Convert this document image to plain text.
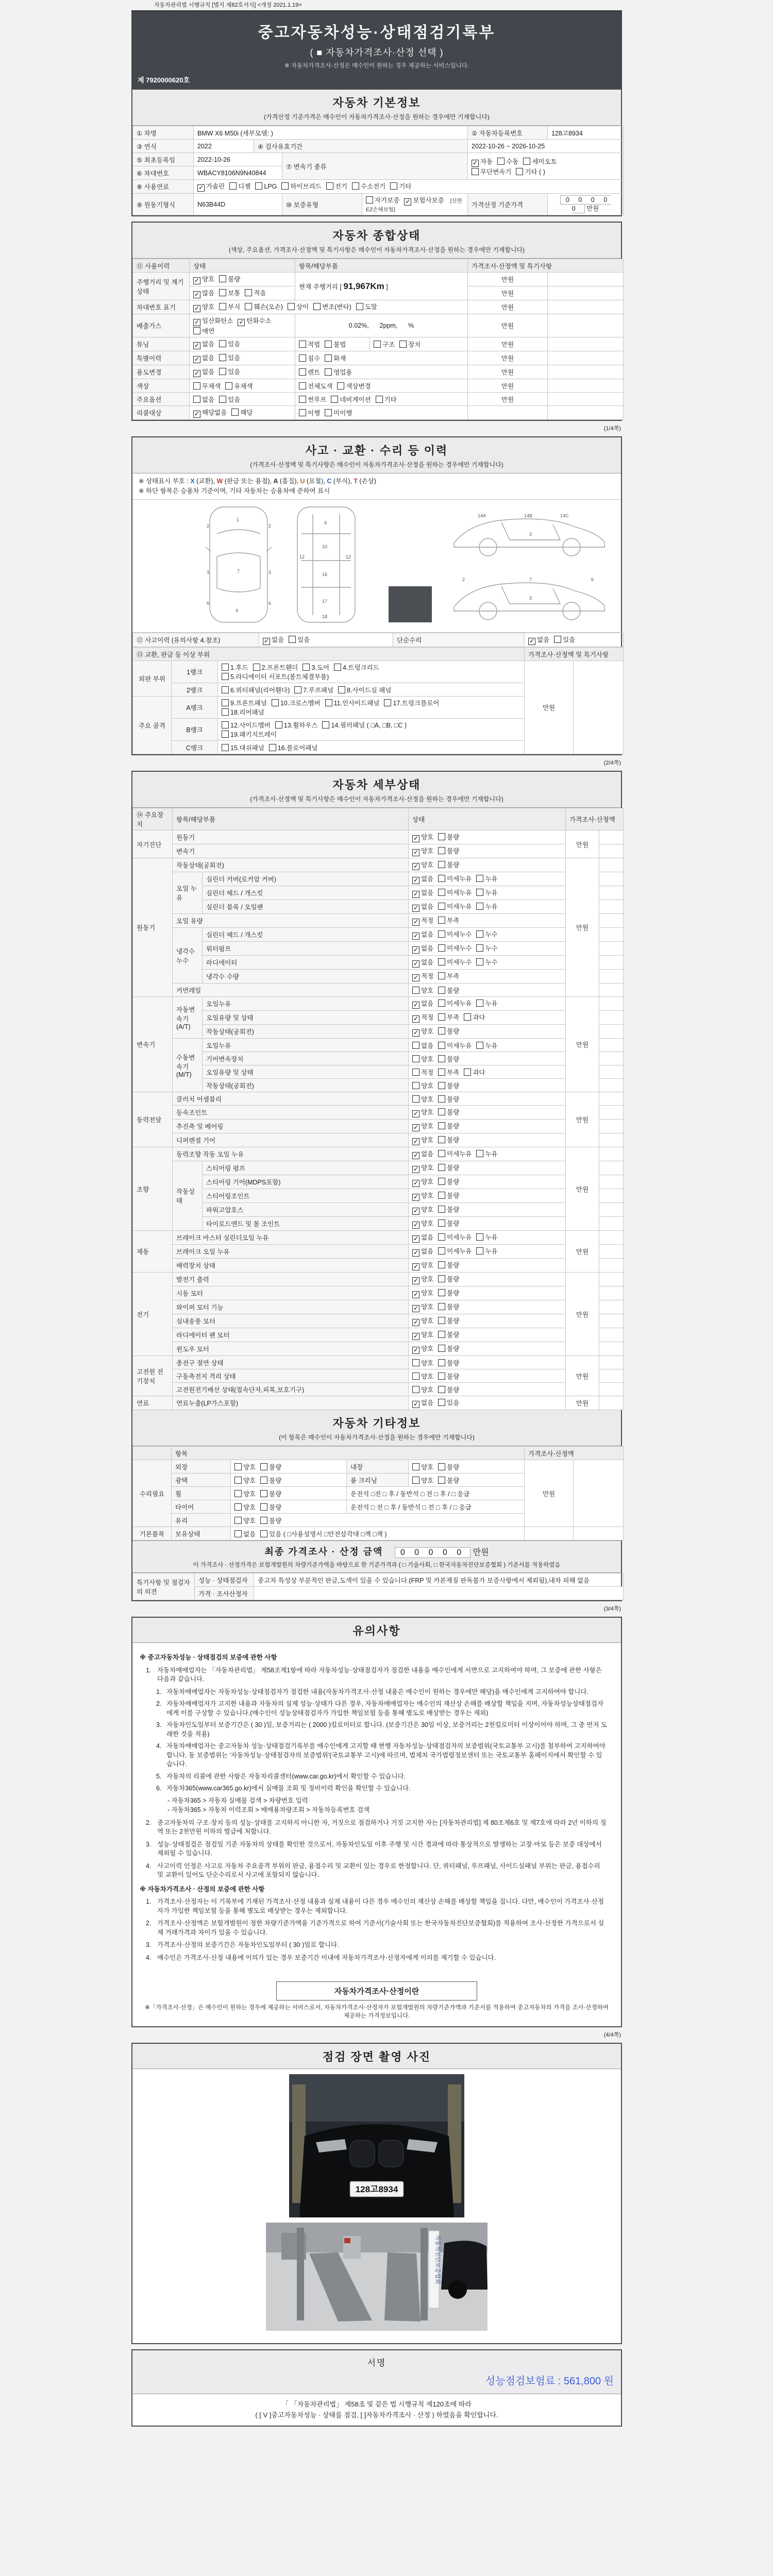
자동차관리법 시행규칙 [별지 제82호서식] <개정 2021.1.19>
중고자동차성능·상태점검기록부
( ■ 자동차가격조사·산정 선택 )
※ 자동차가격조사·산정은 매수인이 원하는 경우 제공하는 서비스입니다.
제 7920000620호
자동차 기본정보
(가격산정 기준가격은 매수인이 자동차가격조사·산정을 원하는 경우에만 기재합니다)
① 차명	BMW X6 M50i (세부모델: )				② 자동차등록번호	128고8934
③ 연식	2022	④ 검사유효기간			2022-10-26 ~ 2026-10-25	
⑤ 최초등록일	2022-10-26		⑦ 변속기 종류		✓ 자동 수동 세미오토
무단변속기 기타 ( )	
⑥ 차대번호	WBACY8106N9N40844					
⑧ 사용연료	✓ 가솔린 디젤 LPG 하이브리드 전기 수소전기 기타					
⑨ 원동기형식	N63B44D		⑩ 보증유형	자가보증 ✓ 보험사보증 [신한EZ손해보험]	가격산정 기준가격	0 0 0 0 0 만원
자동차 종합상태
(색상, 주요옵션, 가격조사·산정액 및 특기사항은 매수인이 자동차가격조사·산정을 원하는 경우에만 기재합니다)
⑪ 사용이력	상태	항목/해당부품		가격조사·산정액 및 특기사항	
주행거리 및 계기상태	✓ 양호 불량	현재 주행거리 [ 91,967Km ]		만원	
	✓ 많음 보통 적음			만원	
차대번호 표기	✓ 양호 부식 훼손(오손) 상이 변조(변타) 도말			만원	
배출가스	✓ 일산화탄소 ✓ 탄화수소매연	0.02%,      2ppm,      %		만원	
튜닝	✓ 없음 있음	적법 불법	구조 장치	만원	
특별이력	✓ 없음 있음	침수 화재		만원	
용도변경	✓ 없음 있음	렌트 영업용		만원	
색상	무채색 유채색	전체도색 색상변경		만원	
주요옵션	없음 있음	썬루프 네비게이션 기타		만원	
리콜대상	✓ 해당없음 해당	이행 미이행			
(1/4쪽)
사고 · 교환 · 수리 등 이력
(가격조사·산정액 및 특기사항은 매수인이 자동차가격조사·산정을 원하는 경우에만 기재합니다)
※ 상태표시 부호 : X (교환), W (판금 또는 용접), A (흠집), U (요철), C (부식), T (손상)
※ 하단 항목은 승용차 기준이며, 기타 자동차는 승용차에 준하여 표시
1
7
4
2	2
3	3
6	6
9
10
16
17
18
12	12
14A	14B	14C
3
2	7	6
3
⑫ 사고이력 (유의사항 4.참조)	✓ 없음 있음	단순수리	✓ 없음 있음
⑬ 교환, 판금 등 이상 부위			가격조사·산정액 및 특기사항	
외판 부위	1랭크	1.후드 2.프론트휀더 3.도어 4.트렁크리드
5.라디에이터 서포트(볼트체결부품)	만원	
	2랭크	6.쿼터패널(리어휀다) 7.루프패널 8.사이드실 패널		
주요 골격	A랭크	9.프론트패널 10.크로스멤버 11.인사이드패널 17.트렁크플로어
18.리어패널		
	B랭크	12.사이드멤버 13.휠하우스 14.필러패널 ( □A, □B, □C )
19.패키지트레이		
	C랭크	15.대쉬패널 16.플로어패널		
(2/4쪽)
자동차 세부상태
(가격조사·산정액 및 특기사항은 매수인이 자동차가격조사·산정을 원하는 경우에만 기재합니다)
⑭ 주요장치	항목/해당부품		상태	가격조사·산정액	
자기진단	원동기		✓ 양호 불량	만원	
	변속기		✓ 양호 불량		
원동기	작동상태(공회전)		✓ 양호 불량	만원	
	오일 누유	실린더 커버(로커암 커버)	✓ 없음 미세누유 누유		
		실린더 헤드 / 개스킷	✓ 없음 미세누유 누유		
		실린더 블록 / 오일팬	✓ 없음 미세누유 누유		
	오일 유량		✓ 적정 부족		
	냉각수 누수	실린더 헤드 / 개스킷	✓ 없음 미세누수 누수		
		워터펌프	✓ 없음 미세누수 누수		
		라디에이터	✓ 없음 미세누수 누수		
		냉각수 수량	✓ 적정 부족		
	커먼레일		양호 불량		
변속기	자동변속기 (A/T)	오일누유	✓ 없음 미세누유 누유	만원	
		오일유량 및 상태	✓ 적정 부족 과다		
		작동상태(공회전)	✓ 양호 불량		
	수동변속기 (M/T)	오일누유	없음 미세누유 누유		
		기어변속장치	양호 불량		
		오일유량 및 상태	적정 부족 과다		
		작동상태(공회전)	양호 불량		
동력전달	클러치 어셈블리		양호 불량	만원	
	등속조인트		✓ 양호 불량		
	추진축 및 베어링		✓ 양호 불량		
	디퍼렌셜 기어		✓ 양호 불량		
조향	동력조향 작동 오일 누유		✓ 없음 미세누유 누유	만원	
	작동상태	스티어링 펌프	✓ 양호 불량		
		스티어링 기어(MDPS포함)	✓ 양호 불량		
		스티어링조인트	✓ 양호 불량		
		파워고압호스	✓ 양호 불량		
		타이로드엔드 및 볼 조인트	✓ 양호 불량		
제동	브레이크 마스터 실린더오일 누유		✓ 없음 미세누유 누유	만원	
	브레이크 오일 누유		✓ 없음 미세누유 누유		
	배력장치 상태		✓ 양호 불량		
전기	발전기 출력		✓ 양호 불량	만원	
	시동 모터		✓ 양호 불량		
	와이퍼 모터 기능		✓ 양호 불량		
	실내송풍 모터		✓ 양호 불량		
	라디에이터 팬 모터		✓ 양호 불량		
	윈도우 모터		✓ 양호 불량		
고전원 전기장치	충전구 절연 상태		양호 불량	만원	
	구동축전지 격리 상태		양호 불량		
	고전원전기배선 상태(접속단자,피복,보호기구)		양호 불량		
연료	연료누출(LP가스포함)		✓ 없음 있음	만원	
자동차 기타정보
(이 항목은 매수인이 자동차가격조사·산정을 원하는 경우에만 기재합니다)
	항목				가격조사·산정액	
수리필요	외장	양호 불량	내장	양호 불량	만원	
	광택	양호 불량	룸 크리닝	양호 불량		
	휠	양호 불량	운전석 □전 □ 후 / 동반석 □ 전 □ 후 / □ 응급			
	타이어	양호 불량	운전석 □ 전 □ 후 / 동반석 □ 전 □ 후 / □ 응급			
	유리	양호 불량				
기본품목	보유상태	없음 있음 ( □사용설명서 □안전삼각대 □잭 □잭 )				
최종 가격조사 · 산정 금액 0 0 0 0 0 만원
이 가격조사 · 산정가격은 보험개발원의 차량기준가액을 바탕으로 한 기준가격과 ( □ 기술사회, □ 한국자동차진단보증협회 ) 기준서를 적용하였음
특기사항 및 점검자의 의견	성능 · 상태점검자	중고차 특성상 부분적인 판금,도색이 있을 수 있습니다.(FRP 및 카본재질 판독불가 보증사항에서 제외됨),내차 피해 없음
	가격 · 조사산정자	
(3/4쪽)
유의사항
※ 중고자동차성능 · 상태점검의 보증에 관한 사항
1. 자동차매매업자는 「자동차관리법」 제58조제1항에 따라 자동차성능·상태점검자가 점검한 내용을 매수인에게 서면으로 고지하여야 하며, 그 보증에 관한 사항은 다음과 같습니다.
1. 자동차매매업자는 자동차성능·상태점검자가 점검한 내용(자동차가격조사·산정 내용은 매수인이 원하는 경우에만 해당)을 매수인에게 고지하여야 합니다.
2. 자동차매매업자가 고지한 내용과 자동차의 실제 성능·상태가 다른 경우, 자동차매매업자는 매수인의 재산상 손해를 배상할 책임을 지며, 자동차성능상태점검자에게 이를 구상할 수 있습니다.(매수인이 성능상태점검자가 가입한 책임보험 등을 통해 별도로 배상받는 경우는 제외)
3. 자동차인도일부터 보증기간은 ( 30 )일, 보증거리는 ( 2000 )킬로미터로 합니다. (보증기간은 30일 이상, 보증거리는 2천킬로미터 이상이어야 하며, 그 중 먼저 도래한 것을 적용)
4. 자동차매매업자는 중고자동차 성능·상태점검기록부를 매수인에게 고지할 때 현행 자동차성능·상태점검자의 보증범위(국토교통부 고시)를 첨부하여 고지하여야 합니다. 동 보증범위는 '자동차성능·상태점검자의 보증범위'(국토교통부 고시)에 따르며, 법제처 국가법령정보센터 또는 국토교통부 홈페이지에서 확인할 수 있습니다.
5. 자동차의 리콜에 관한 사항은 자동차리콜센터(www.car.go.kr)에서 확인할 수 있습니다.
6. 자동차365(www.car365.go.kr)에서 실매물 조회 및 정비이력 확인을 확인할 수 있습니다.
- 자동차365 > 자동차 실매물 검색 > 차량번호 입력
- 자동차365 > 자동차 이력조회 > 매매용차량조회 > 자동차등록번호 검색
2. 중고자동차의 구조·장치 등의 성능·상태를 고지하지 아니한 자, 거짓으로 점검하거나 거짓 고지한 자는 [자동차관리법] 제 80조제6호 및 제7호에 따라 2년 이하의 징역 또는 2천만원 이하의 벌금에 처합니다.
3. 성능·상태점검은 점검일 기준 자동차의 상태를 확인한 것으로서, 자동차인도일 이후 주행 및 시간 경과에 따라 통상적으로 발생하는 고장·마모 등은 보증 대상에서 제외될 수 있습니다.
4. 사고이력 인정은 사고로 자동차 주요골격 부위의 판금, 용접수리 및 교환이 있는 경우로 한정합니다. 단, 쿼터패널, 루프패널, 사이드실패널 부위는 판금, 용접수리 및 교환이 있어도 단순수리로서 사고에 포함되지 않습니다.
※ 자동차가격조사 · 산정의 보증에 관한 사항
1. 가격조사·산정자는 이 기록부에 기재된 가격조사·산정 내용과 실제 내용이 다른 경우 매수인의 재산상 손해를 배상할 책임을 집니다. 다만, 매수인이 가격조사·산정자가 가입한 책임보험 등을 통해 별도로 배상받는 경우는 제외합니다.
2. 가격조사·산정액은 보험개발원이 정한 차량기준가액을 기준가격으로 하여 기준서(기술사회 또는 한국자동차진단보증협회)를 적용하여 조사·산정한 가격으로서 실제 거래가격과 차이가 있을 수 있습니다.
3. 가격조사·산정의 보증기간은 자동차인도일부터 ( 30 )일로 합니다.
4. 매수인은 가격조사·산정 내용에 이의가 있는 경우 보증기간 이내에 자동차가격조사·산정자에게 이의를 제기할 수 있습니다.
자동차가격조사·산정이란
※「가격조사·산정」은 매수인이 원하는 경우에 제공하는 서비스로서, 자동차가격조사·산정자가 보험개발원의 차량기준가액과 기준서를 적용하여 중고자동차의 가격을 조사·산정하여 제공하는 가격정보입니다.
(4/4쪽)
점검 장면 촬영 사진
128고8934
자동차진단보증협회
서명
성능점검보험료 : 561,800 원
「 「자동차관리법」 제58조 및 같은 법 시행규칙 제120조에 따라
( [ V ]중고자동차성능 · 상태를 점검, [ ]자동차가격조사 · 산정 ) 하였음을 확인합니다.
